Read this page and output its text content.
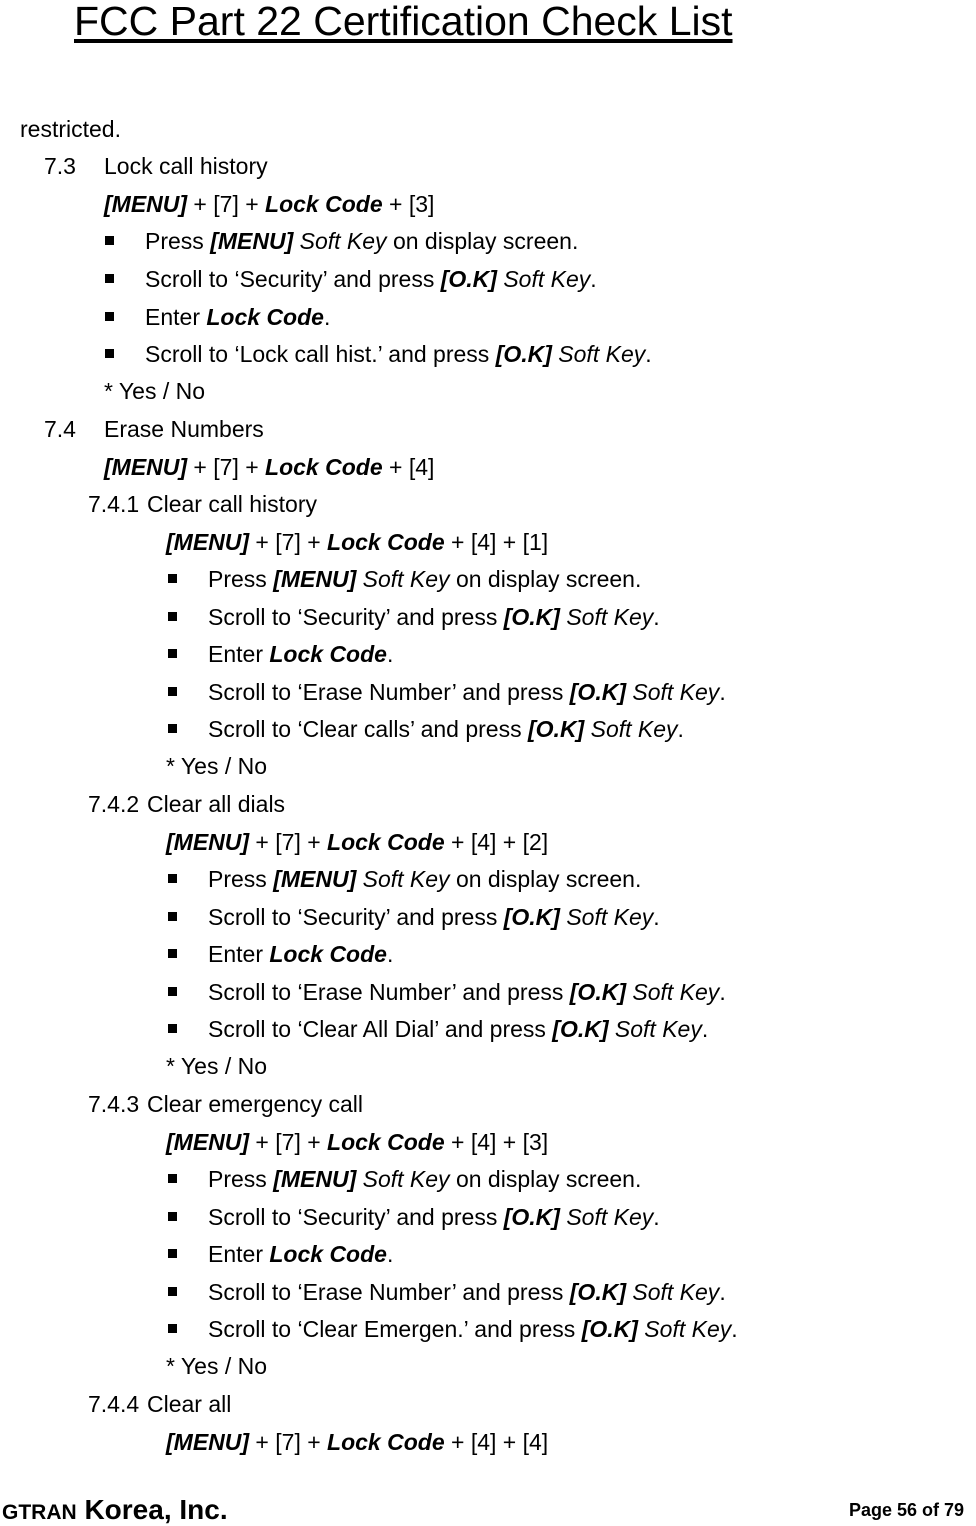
FCC Part 22 Certification Check List
restricted.
7.3 Lock call history
[MENU] + [7] + Lock Code + [3]
Press [MENU] Soft Key on display screen.
Scroll to ‘Security’ and press [O.K] Soft Key.
Enter Lock Code.
Scroll to ‘Lock call hist.’ and press [O.K] Soft Key.
* Yes / No
7.4 Erase Numbers
[MENU] + [7] + Lock Code + [4]
7.4.1 Clear call history
[MENU] + [7] + Lock Code + [4] + [1]
Press [MENU] Soft Key on display screen.
Scroll to ‘Security’ and press [O.K] Soft Key.
Enter Lock Code.
Scroll to ‘Erase Number’ and press [O.K] Soft Key.
Scroll to ‘Clear calls’ and press [O.K] Soft Key.
* Yes / No
7.4.2 Clear all dials
[MENU] + [7] + Lock Code + [4] + [2]
Press [MENU] Soft Key on display screen.
Scroll to ‘Security’ and press [O.K] Soft Key.
Enter Lock Code.
Scroll to ‘Erase Number’ and press [O.K] Soft Key.
Scroll to ‘Clear All Dial’ and press [O.K] Soft Key.
* Yes / No
7.4.3 Clear emergency call
[MENU] + [7] + Lock Code + [4] + [3]
Press [MENU] Soft Key on display screen.
Scroll to ‘Security’ and press [O.K] Soft Key.
Enter Lock Code.
Scroll to ‘Erase Number’ and press [O.K] Soft Key.
Scroll to ‘Clear Emergen.’ and press [O.K] Soft Key.
* Yes / No
7.4.4 Clear all
[MENU] + [7] + Lock Code + [4] + [4]
GTRAN Korea, Inc.	Page 56 of 79
